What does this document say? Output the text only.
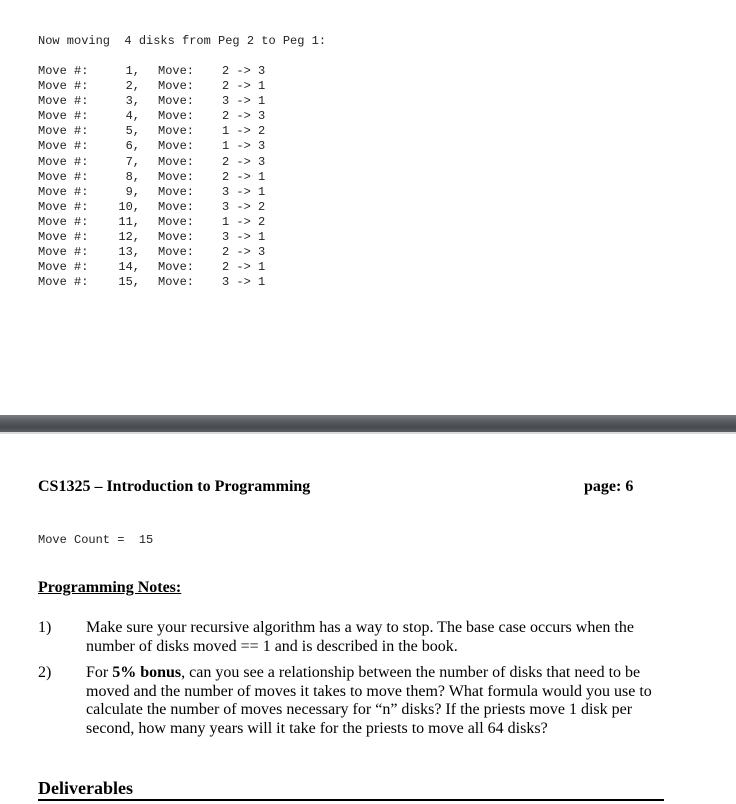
Now moving  4 disks from Peg 2 to Peg 1:
Move #:	1, Move: 2 -> 3
Move #:	2, Move: 2 -> 1
Move #:	3, Move: 3 -> 1
Move #:	4, Move: 2 -> 3
Move #:	5, Move: 1 -> 2
Move #:	6, Move: 1 -> 3
Move #:	7, Move: 2 -> 3
Move #:	8, Move: 2 -> 1
Move #:	9, Move: 3 -> 1
Move #:	10, Move: 3 -> 2
Move #:	11, Move: 1 -> 2
Move #:	12, Move: 3 -> 1
Move #:	13, Move: 2 -> 3
Move #:	14, Move: 2 -> 1
Move #:	15, Move: 3 -> 1
CS1325 – Introduction to Programming	page: 6
Move Count =  15
Programming Notes:
1) Make sure your recursive algorithm has a way to stop. The base case occurs when the number of disks moved == 1 and is described in the book.
2) For 5% bonus, can you see a relationship between the number of disks that need to be moved and the number of moves it takes to move them? What formula would you use to calculate the number of moves necessary for “n” disks? If the priests move 1 disk per second, how many years will it take for the priests to move all 64 disks?
Deliverables
